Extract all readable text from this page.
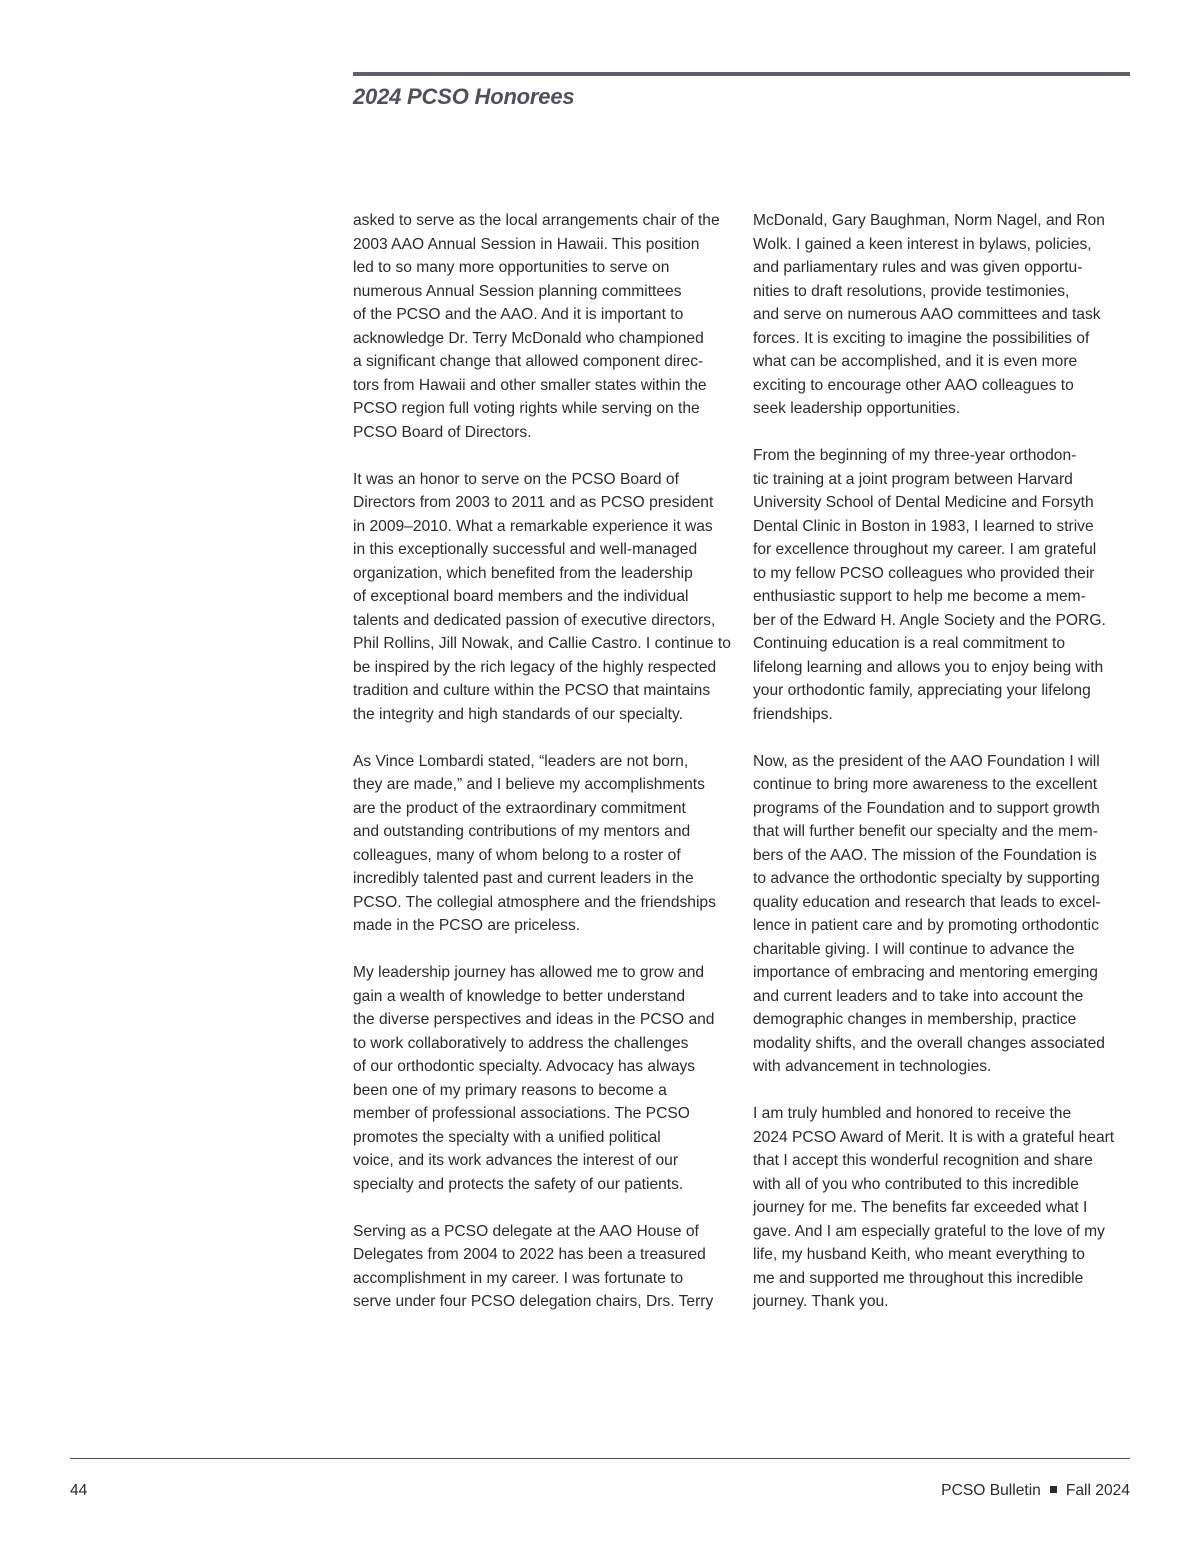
2024 PCSO Honorees

asked to serve as the local arrangements chair of the
2003 AAO Annual Session in Hawaii. This position
led to so many more opportunities to serve on
numerous Annual Session planning committees
of the PCSO and the AAO. And it is important to
acknowledge Dr. Terry McDonald who championed
a significant change that allowed component direc-
tors from Hawaii and other smaller states within the
PCSO region full voting rights while serving on the
PCSO Board of Directors.

It was an honor to serve on the PCSO Board of
Directors from 2003 to 2011 and as PCSO president
in 2009–2010. What a remarkable experience it was
in this exceptionally successful and well-managed
organization, which benefited from the leadership
of exceptional board members and the individual
talents and dedicated passion of executive directors,
Phil Rollins, Jill Nowak, and Callie Castro. I continue to
be inspired by the rich legacy of the highly respected
tradition and culture within the PCSO that maintains
the integrity and high standards of our specialty.

As Vince Lombardi stated, “leaders are not born,
they are made,” and I believe my accomplishments
are the product of the extraordinary commitment
and outstanding contributions of my mentors and
colleagues, many of whom belong to a roster of
incredibly talented past and current leaders in the
PCSO. The collegial atmosphere and the friendships
made in the PCSO are priceless.

My leadership journey has allowed me to grow and
gain a wealth of knowledge to better understand
the diverse perspectives and ideas in the PCSO and
to work collaboratively to address the challenges
of our orthodontic specialty. Advocacy has always
been one of my primary reasons to become a
member of professional associations. The PCSO
promotes the specialty with a unified political
voice, and its work advances the interest of our
specialty and protects the safety of our patients.

Serving as a PCSO delegate at the AAO House of
Delegates from 2004 to 2022 has been a treasured
accomplishment in my career. I was fortunate to
serve under four PCSO delegation chairs, Drs. Terry

McDonald, Gary Baughman, Norm Nagel, and Ron
Wolk. I gained a keen interest in bylaws, policies,
and parliamentary rules and was given opportu-
nities to draft resolutions, provide testimonies,
and serve on numerous AAO committees and task
forces. It is exciting to imagine the possibilities of
what can be accomplished, and it is even more
exciting to encourage other AAO colleagues to
seek leadership opportunities.

From the beginning of my three-year orthodon-
tic training at a joint program between Harvard
University School of Dental Medicine and Forsyth
Dental Clinic in Boston in 1983, I learned to strive
for excellence throughout my career. I am grateful
to my fellow PCSO colleagues who provided their
enthusiastic support to help me become a mem-
ber of the Edward H. Angle Society and the PORG.
Continuing education is a real commitment to
lifelong learning and allows you to enjoy being with
your orthodontic family, appreciating your lifelong
friendships.

Now, as the president of the AAO Foundation I will
continue to bring more awareness to the excellent
programs of the Foundation and to support growth
that will further benefit our specialty and the mem-
bers of the AAO. The mission of the Foundation is
to advance the orthodontic specialty by supporting
quality education and research that leads to excel-
lence in patient care and by promoting orthodontic
charitable giving. I will continue to advance the
importance of embracing and mentoring emerging
and current leaders and to take into account the
demographic changes in membership, practice
modality shifts, and the overall changes associated
with advancement in technologies.

I am truly humbled and honored to receive the
2024 PCSO Award of Merit. It is with a grateful heart
that I accept this wonderful recognition and share
with all of you who contributed to this incredible
journey for me. The benefits far exceeded what I
gave. And I am especially grateful to the love of my
life, my husband Keith, who meant everything to
me and supported me throughout this incredible
journey. Thank you.

44	PCSO Bulletin Fall 2024
